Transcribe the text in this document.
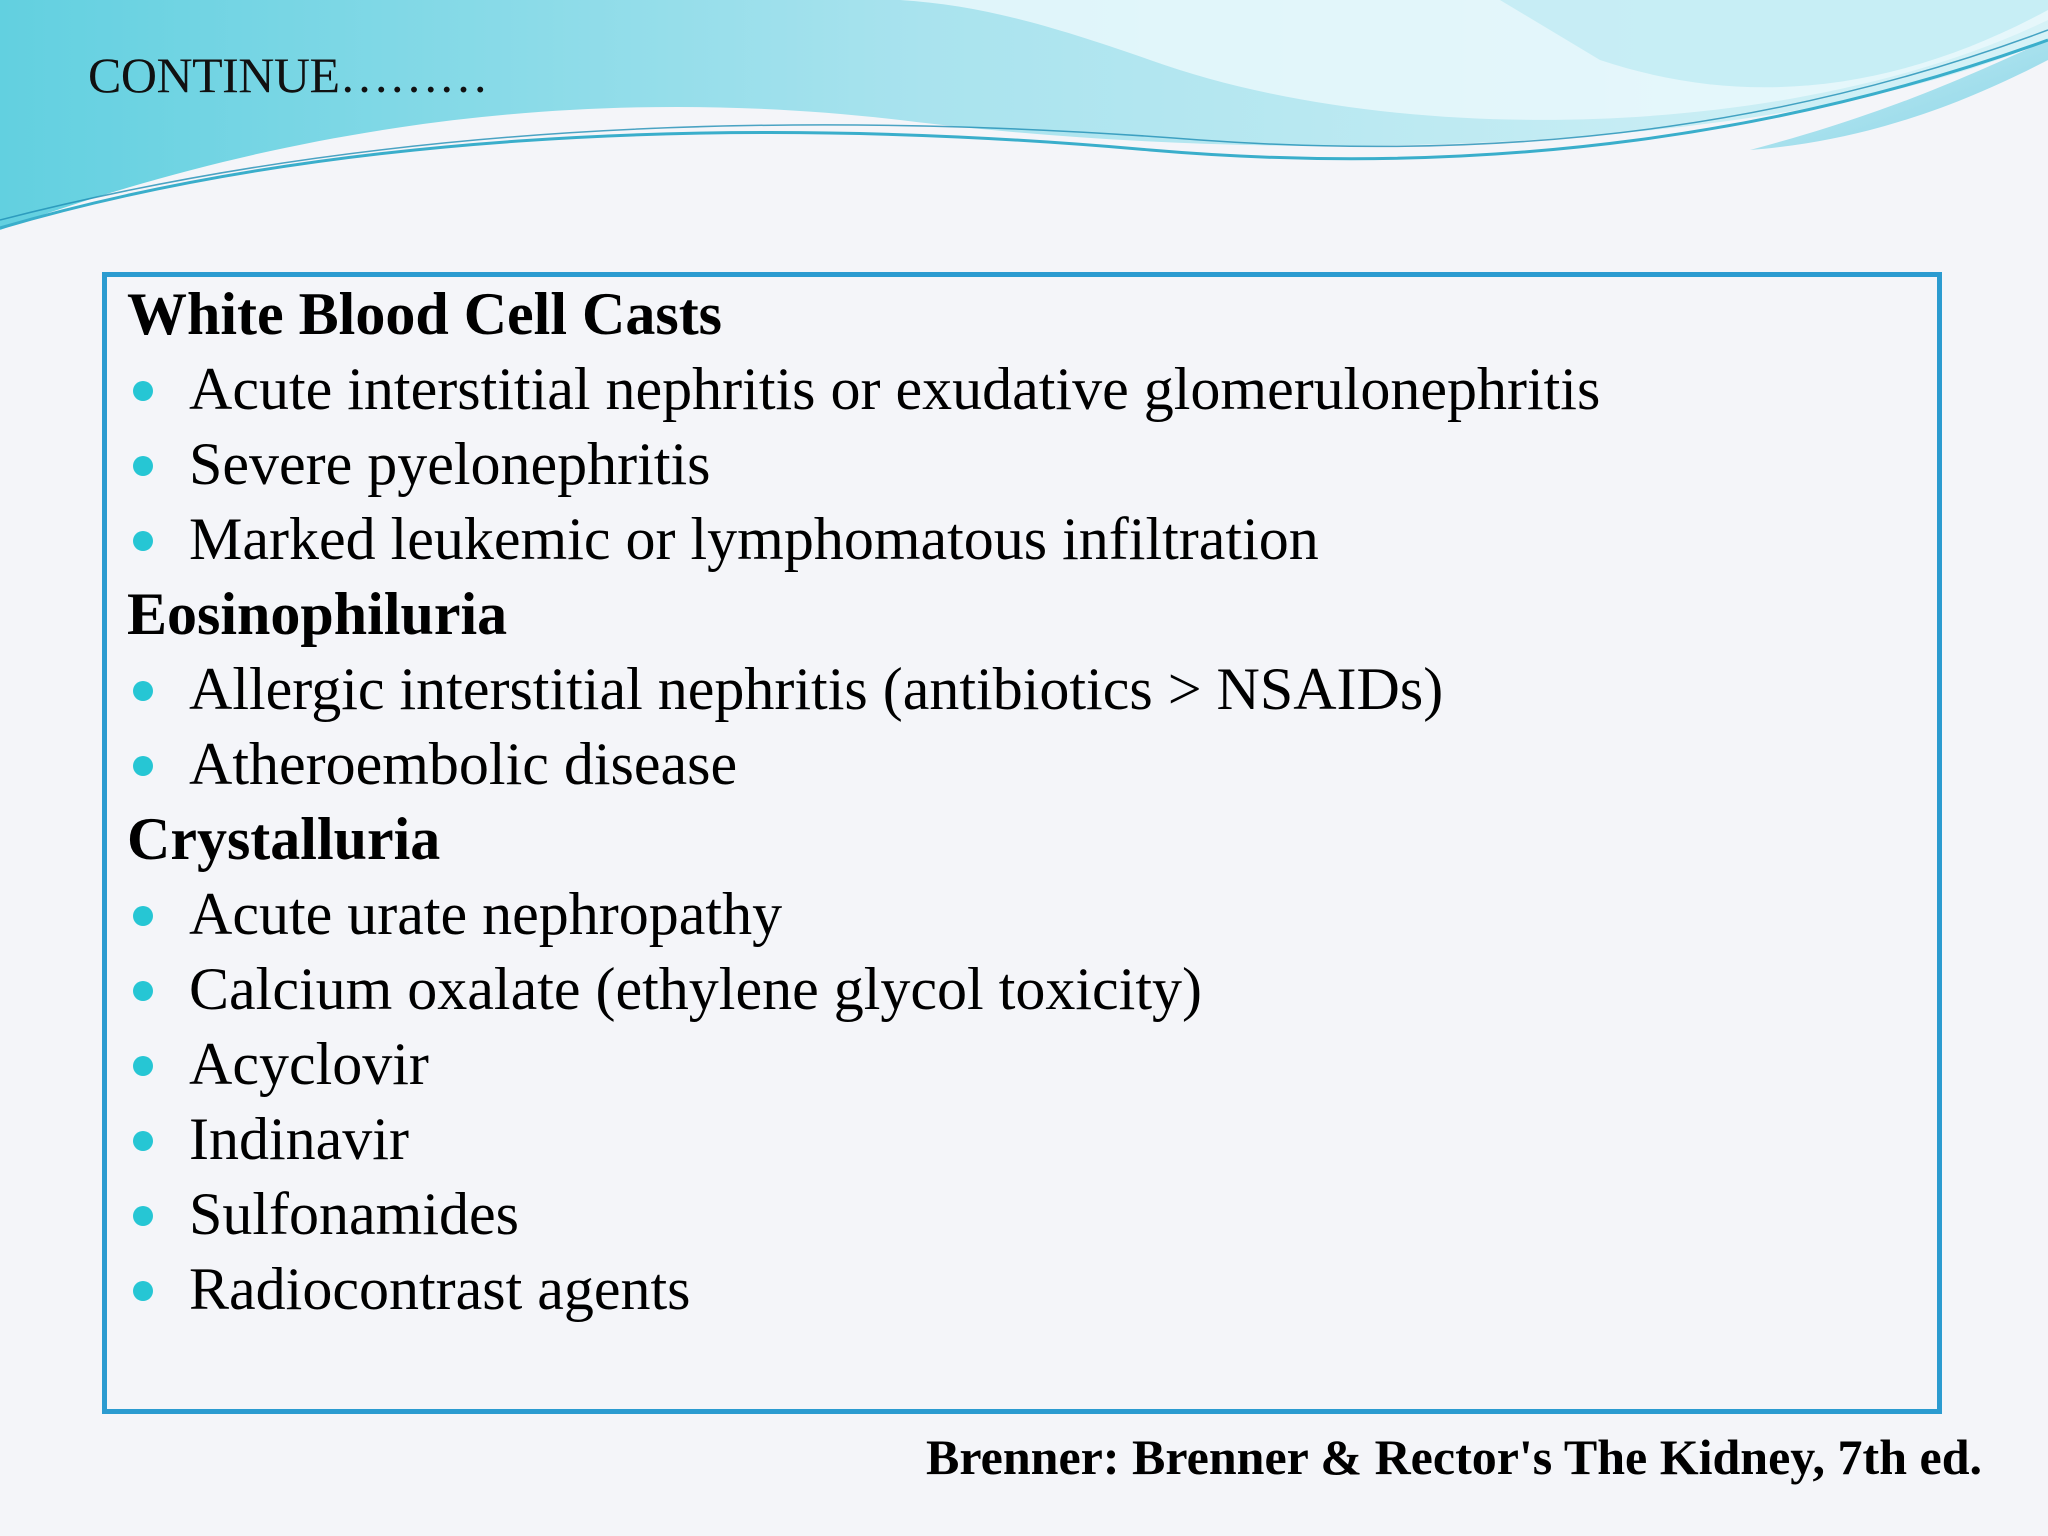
CONTINUE………
White Blood Cell Casts
Acute interstitial nephritis or exudative glomerulonephritis
Severe pyelonephritis
Marked leukemic or lymphomatous infiltration
Eosinophiluria
Allergic interstitial nephritis (antibiotics > NSAIDs)
Atheroembolic disease
Crystalluria
Acute urate nephropathy
Calcium oxalate (ethylene glycol toxicity)
Acyclovir
Indinavir
Sulfonamides
Radiocontrast agents
Brenner: Brenner & Rector's The Kidney, 7th ed.
